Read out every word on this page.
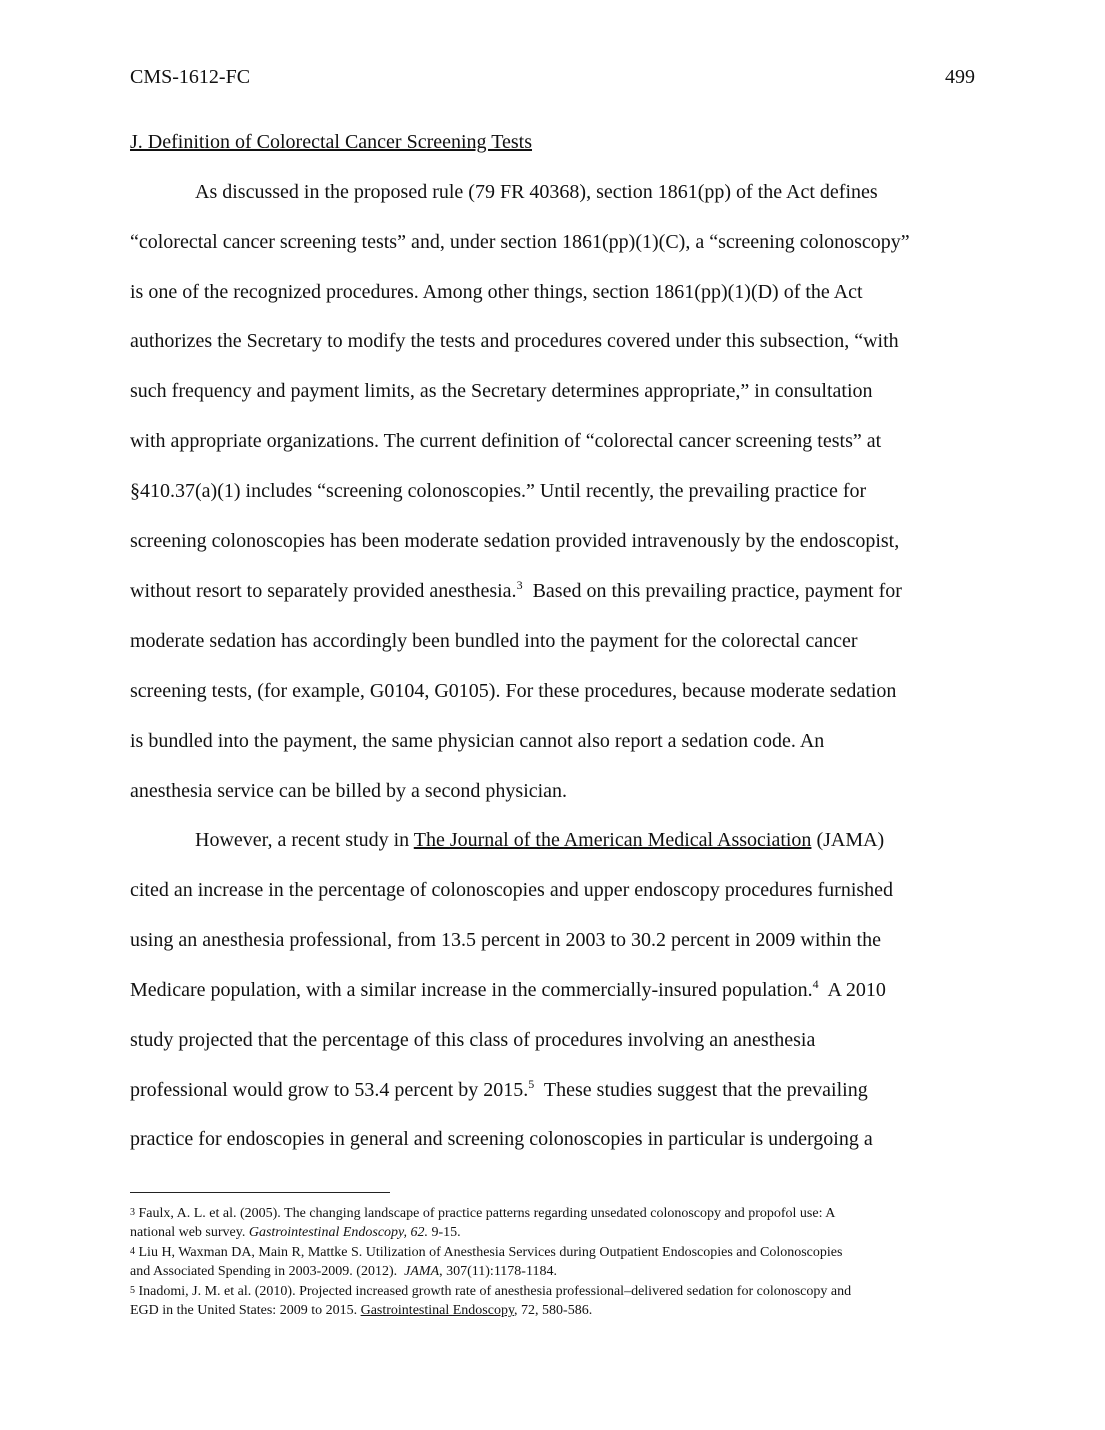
CMS-1612-FC	499
J. Definition of Colorectal Cancer Screening Tests
As discussed in the proposed rule (79 FR 40368), section 1861(pp) of the Act defines
“colorectal cancer screening tests” and, under section 1861(pp)(1)(C), a “screening colonoscopy”
is one of the recognized procedures. Among other things, section 1861(pp)(1)(D) of the Act
authorizes the Secretary to modify the tests and procedures covered under this subsection, “with
such frequency and payment limits, as the Secretary determines appropriate,” in consultation
with appropriate organizations. The current definition of “colorectal cancer screening tests” at
§410.37(a)(1) includes “screening colonoscopies.” Until recently, the prevailing practice for
screening colonoscopies has been moderate sedation provided intravenously by the endoscopist,
without resort to separately provided anesthesia.$^3$  Based on this prevailing practice, payment for
moderate sedation has accordingly been bundled into the payment for the colorectal cancer
screening tests, (for example, G0104, G0105). For these procedures, because moderate sedation
is bundled into the payment, the same physician cannot also report a sedation code. An
anesthesia service can be billed by a second physician.
However, a recent study in The Journal of the American Medical Association (JAMA)
cited an increase in the percentage of colonoscopies and upper endoscopy procedures furnished
using an anesthesia professional, from 13.5 percent in 2003 to 30.2 percent in 2009 within the
Medicare population, with a similar increase in the commercially-insured population.$^4$  A 2010
study projected that the percentage of this class of procedures involving an anesthesia
professional would grow to 53.4 percent by 2015.$^5$  These studies suggest that the prevailing
practice for endoscopies in general and screening colonoscopies in particular is undergoing a
$^3$ Faulx, A. L. et al. (2005). The changing landscape of practice patterns regarding unsedated colonoscopy and propofol use: A
national web survey. Gastrointestinal Endoscopy, 62. 9-15.
$^4$ Liu H, Waxman DA, Main R, Mattke S. Utilization of Anesthesia Services during Outpatient Endoscopies and Colonoscopies
and Associated Spending in 2003-2009. (2012).  JAMA, 307(11):1178-1184.
$^5$ Inadomi, J. M. et al. (2010). Projected increased growth rate of anesthesia professional–delivered sedation for colonoscopy and
EGD in the United States: 2009 to 2015. Gastrointestinal Endoscopy, 72, 580-586.
